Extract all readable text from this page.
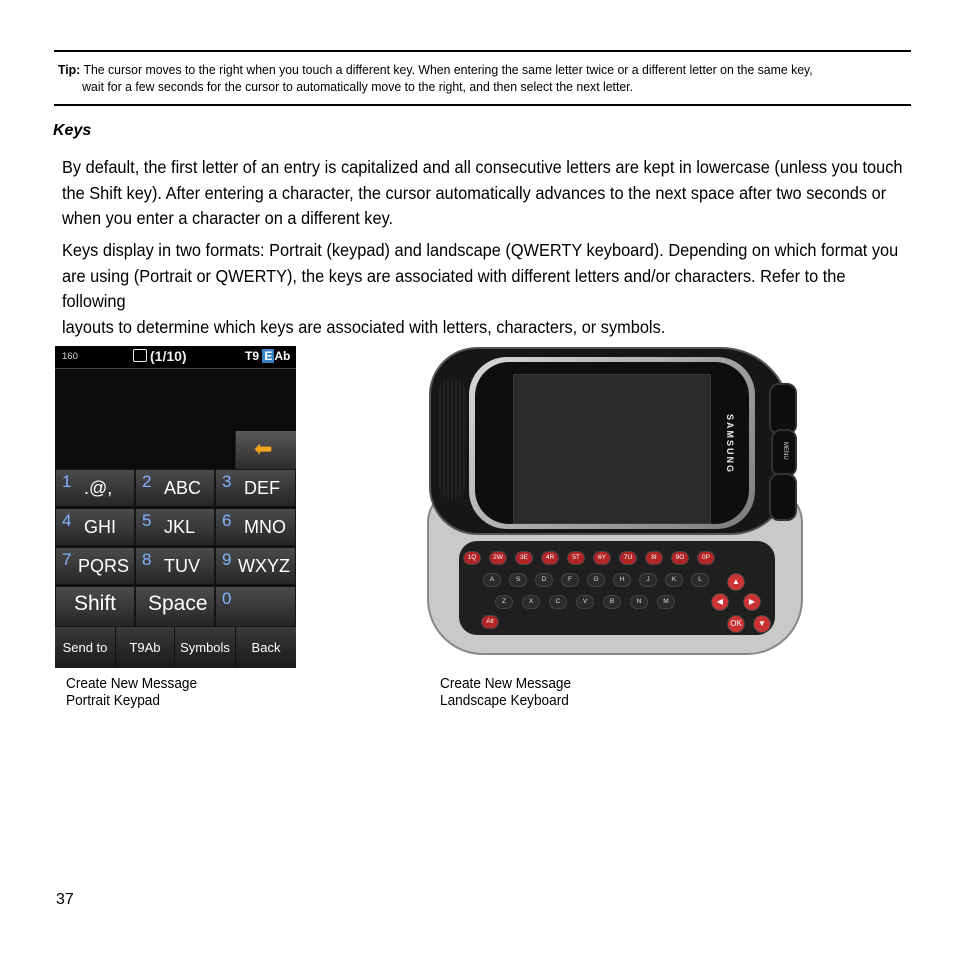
Tip: The cursor moves to the right when you touch a different key. When entering the same letter twice or a different letter on the same key,
wait for a few seconds for the cursor to automatically move to the right, and then select the next letter.
Keys
By default, the first letter of an entry is capitalized and all consecutive letters are kept in lowercase (unless you touch
the Shift key). After entering a character, the cursor automatically advances to the next space after two seconds or
when you enter a character on a different key.
Keys display in two formats: Portrait (keypad) and landscape (QWERTY keyboard). Depending on which format you
are using (Portrait or QWERTY), the keys are associated with different letters and/or characters. Refer to the following
layouts to determine which keys are associated with letters, characters, or symbols.
160	(1/10)	T9 E Ab
⬅
1 .@, 2 ABC 3 DEF
4 GHI 5 JKL 6 MNO
7 PQRS 8 TUV 9 WXYZ
Shift Space 0
Send to	T9Ab	Symbols	Back
Create New Message
Portrait Keypad
1Q	2W	3E	4R	5T	6Y	7U	8I	9O	0P
A	S	D	F	G	H	J	K	L
Z	X	C	V	B	N	M
Alt	OK
▲
◀	▶
▼
SAMSUNG	MENU
Create New Message
Landscape Keyboard
37
